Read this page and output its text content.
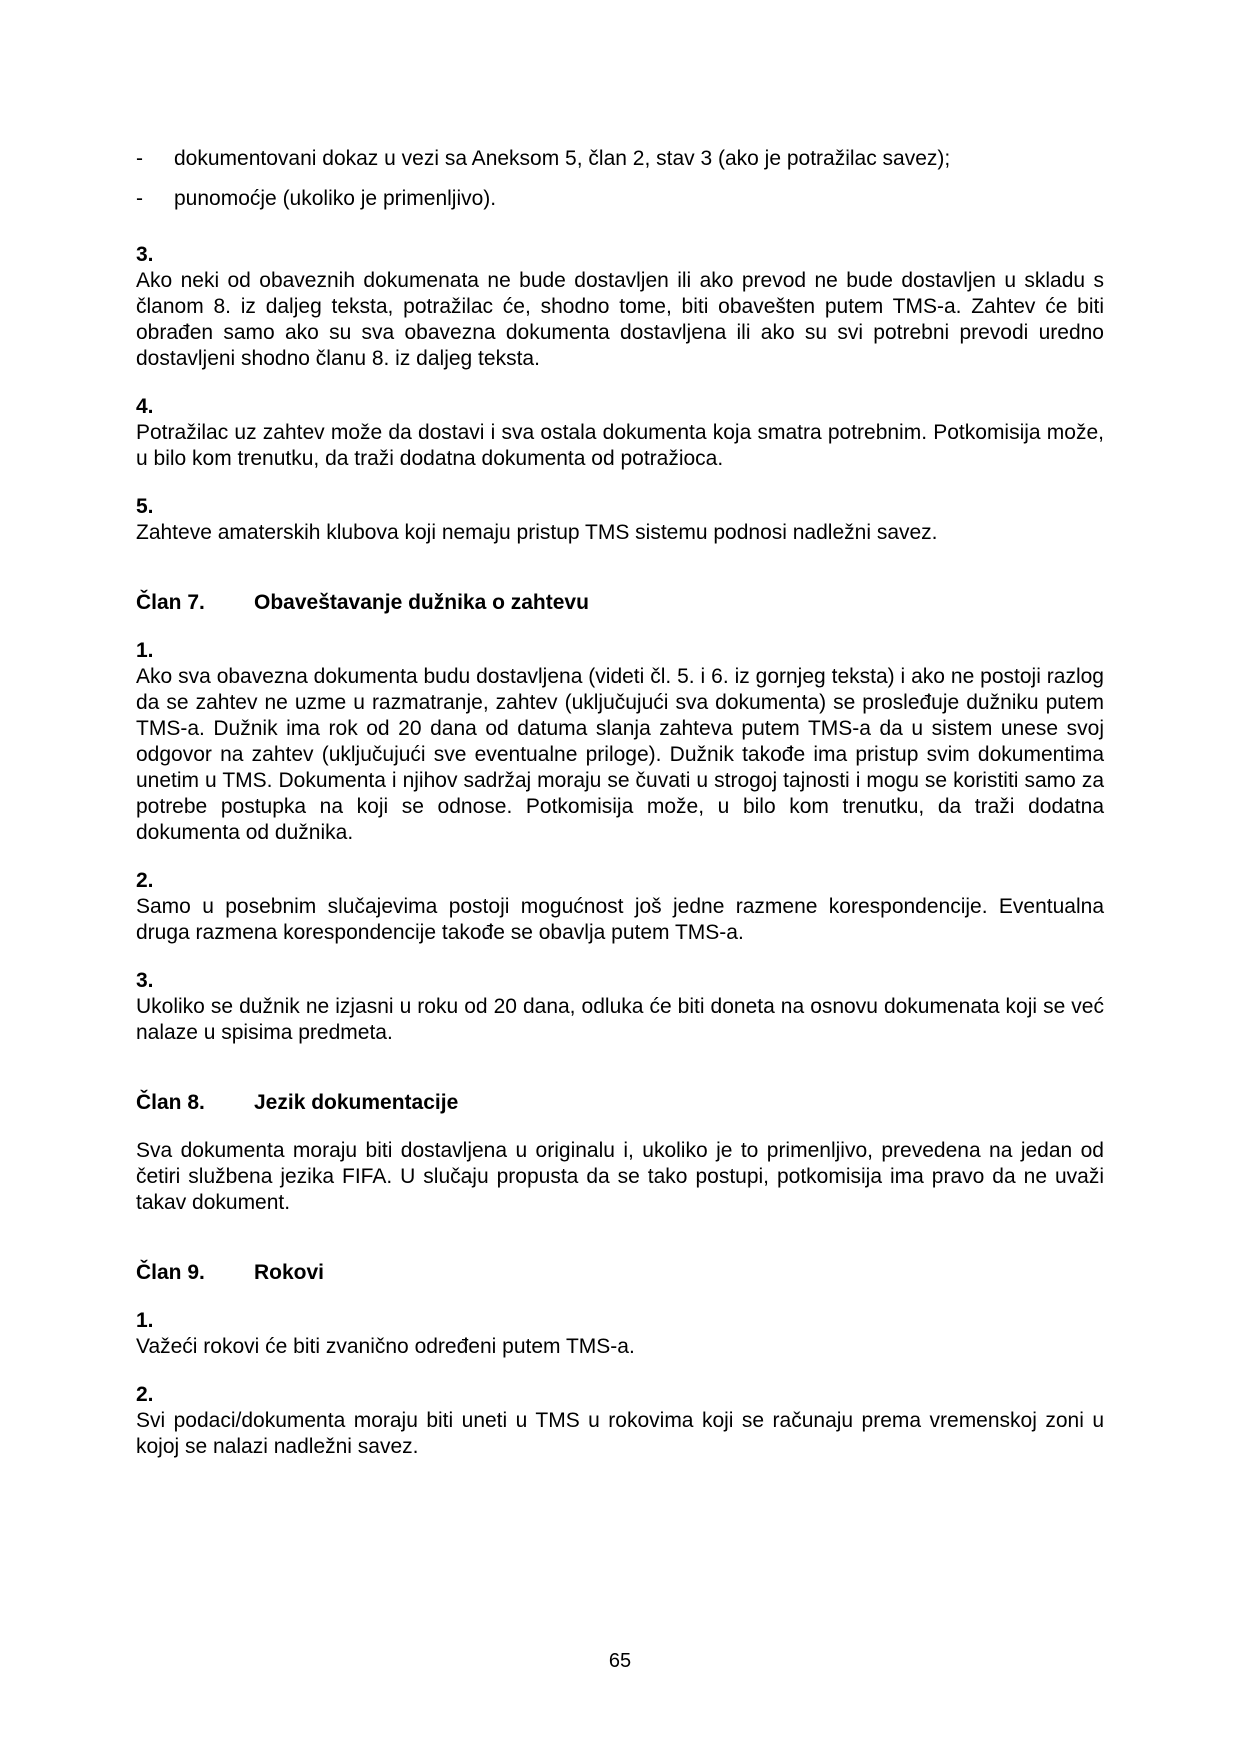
-	dokumentovani dokaz u vezi sa Aneksom 5, član 2, stav 3 (ako je potražilac savez);
-	punomoćje (ukoliko je primenljivo).
3.
Ako neki od obaveznih dokumenata ne bude dostavljen ili ako prevod ne bude dostavljen u skladu s članom 8. iz daljeg teksta, potražilac će, shodno tome, biti obavešten putem TMS-a. Zahtev će biti obrađen samo ako su sva obavezna dokumenta dostavljena ili ako su svi potrebni prevodi uredno dostavljeni shodno članu 8. iz daljeg teksta.
4.
Potražilac uz zahtev može da dostavi i sva ostala dokumenta koja smatra potrebnim. Potkomisija može, u bilo kom trenutku, da traži dodatna dokumenta od potražioca.
5.
Zahteve amaterskih klubova koji nemaju pristup TMS sistemu podnosi nadležni savez.
Član 7.	Obaveštavanje dužnika o zahtevu
1.
Ako sva obavezna dokumenta budu dostavljena (videti čl. 5. i 6. iz gornjeg teksta) i ako ne postoji razlog da se zahtev ne uzme u razmatranje, zahtev (uključujući sva dokumenta) se prosleđuje dužniku putem TMS-a. Dužnik ima rok od 20 dana od datuma slanja zahteva putem TMS-a da u sistem unese svoj odgovor na zahtev (uključujući sve eventualne priloge). Dužnik takođe ima pristup svim dokumentima unetim u TMS. Dokumenta i njihov sadržaj moraju se čuvati u strogoj tajnosti i mogu se koristiti samo za potrebe postupka na koji se odnose. Potkomisija može, u bilo kom trenutku, da traži dodatna dokumenta od dužnika.
2.
Samo u posebnim slučajevima postoji mogućnost još jedne razmene korespondencije. Eventualna druga razmena korespondencije takođe se obavlja putem TMS-a.
3.
Ukoliko se dužnik ne izjasni u roku od 20 dana, odluka će biti doneta na osnovu dokumenata koji se već nalaze u spisima predmeta.
Član 8.	Jezik dokumentacije
Sva dokumenta moraju biti dostavljena u originalu i, ukoliko je to primenljivo, prevedena na jedan od četiri službena jezika FIFA. U slučaju propusta da se tako postupi, potkomisija ima pravo da ne uvaži takav dokument.
Član 9.	Rokovi
1.
Važeći rokovi će biti zvanično određeni putem TMS-a.
2.
Svi podaci/dokumenta moraju biti uneti u TMS u rokovima koji se računaju prema vremenskoj zoni u kojoj se nalazi nadležni savez.
65
